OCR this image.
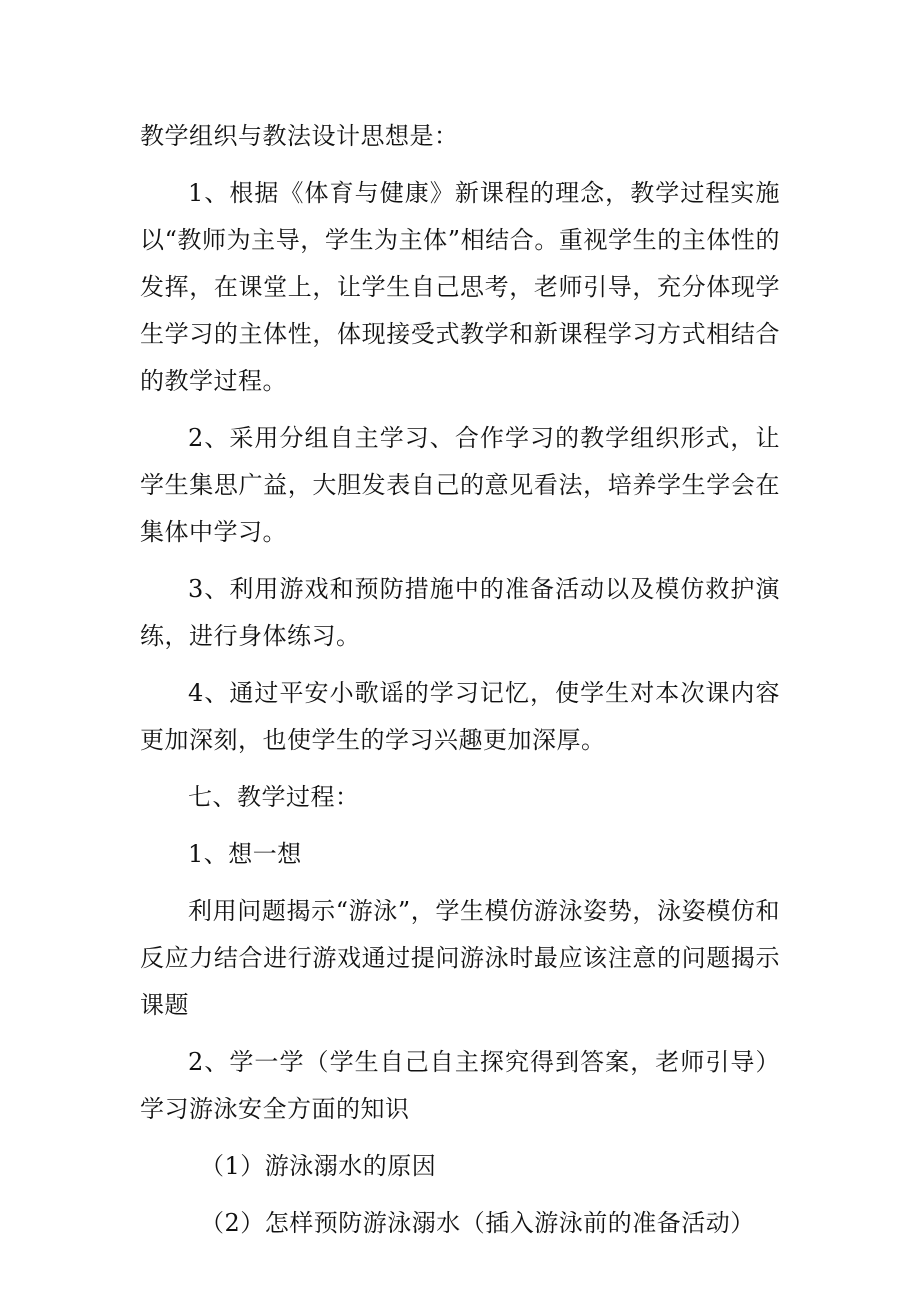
教学组织与教法设计思想是：

1、根据《体育与健康》新课程的理念，教学过程实施以“教师为主导，学生为主体”相结合。重视学生的主体性的发挥，在课堂上，让学生自己思考，老师引导，充分体现学生学习的主体性，体现接受式教学和新课程学习方式相结合的教学过程。

2、采用分组自主学习、合作学习的教学组织形式，让学生集思广益，大胆发表自己的意见看法，培养学生学会在集体中学习。

3、利用游戏和预防措施中的准备活动以及模仿救护演练，进行身体练习。

4、通过平安小歌谣的学习记忆，使学生对本次课内容更加深刻，也使学生的学习兴趣更加深厚。

七、教学过程：

1、想一想

利用问题揭示“游泳”，学生模仿游泳姿势，泳姿模仿和反应力结合进行游戏通过提问游泳时最应该注意的问题揭示课题

2、学一学（学生自己自主探究得到答案，老师引导）学习游泳安全方面的知识

（1）游泳溺水的原因

（2）怎样预防游泳溺水（插入游泳前的准备活动）
